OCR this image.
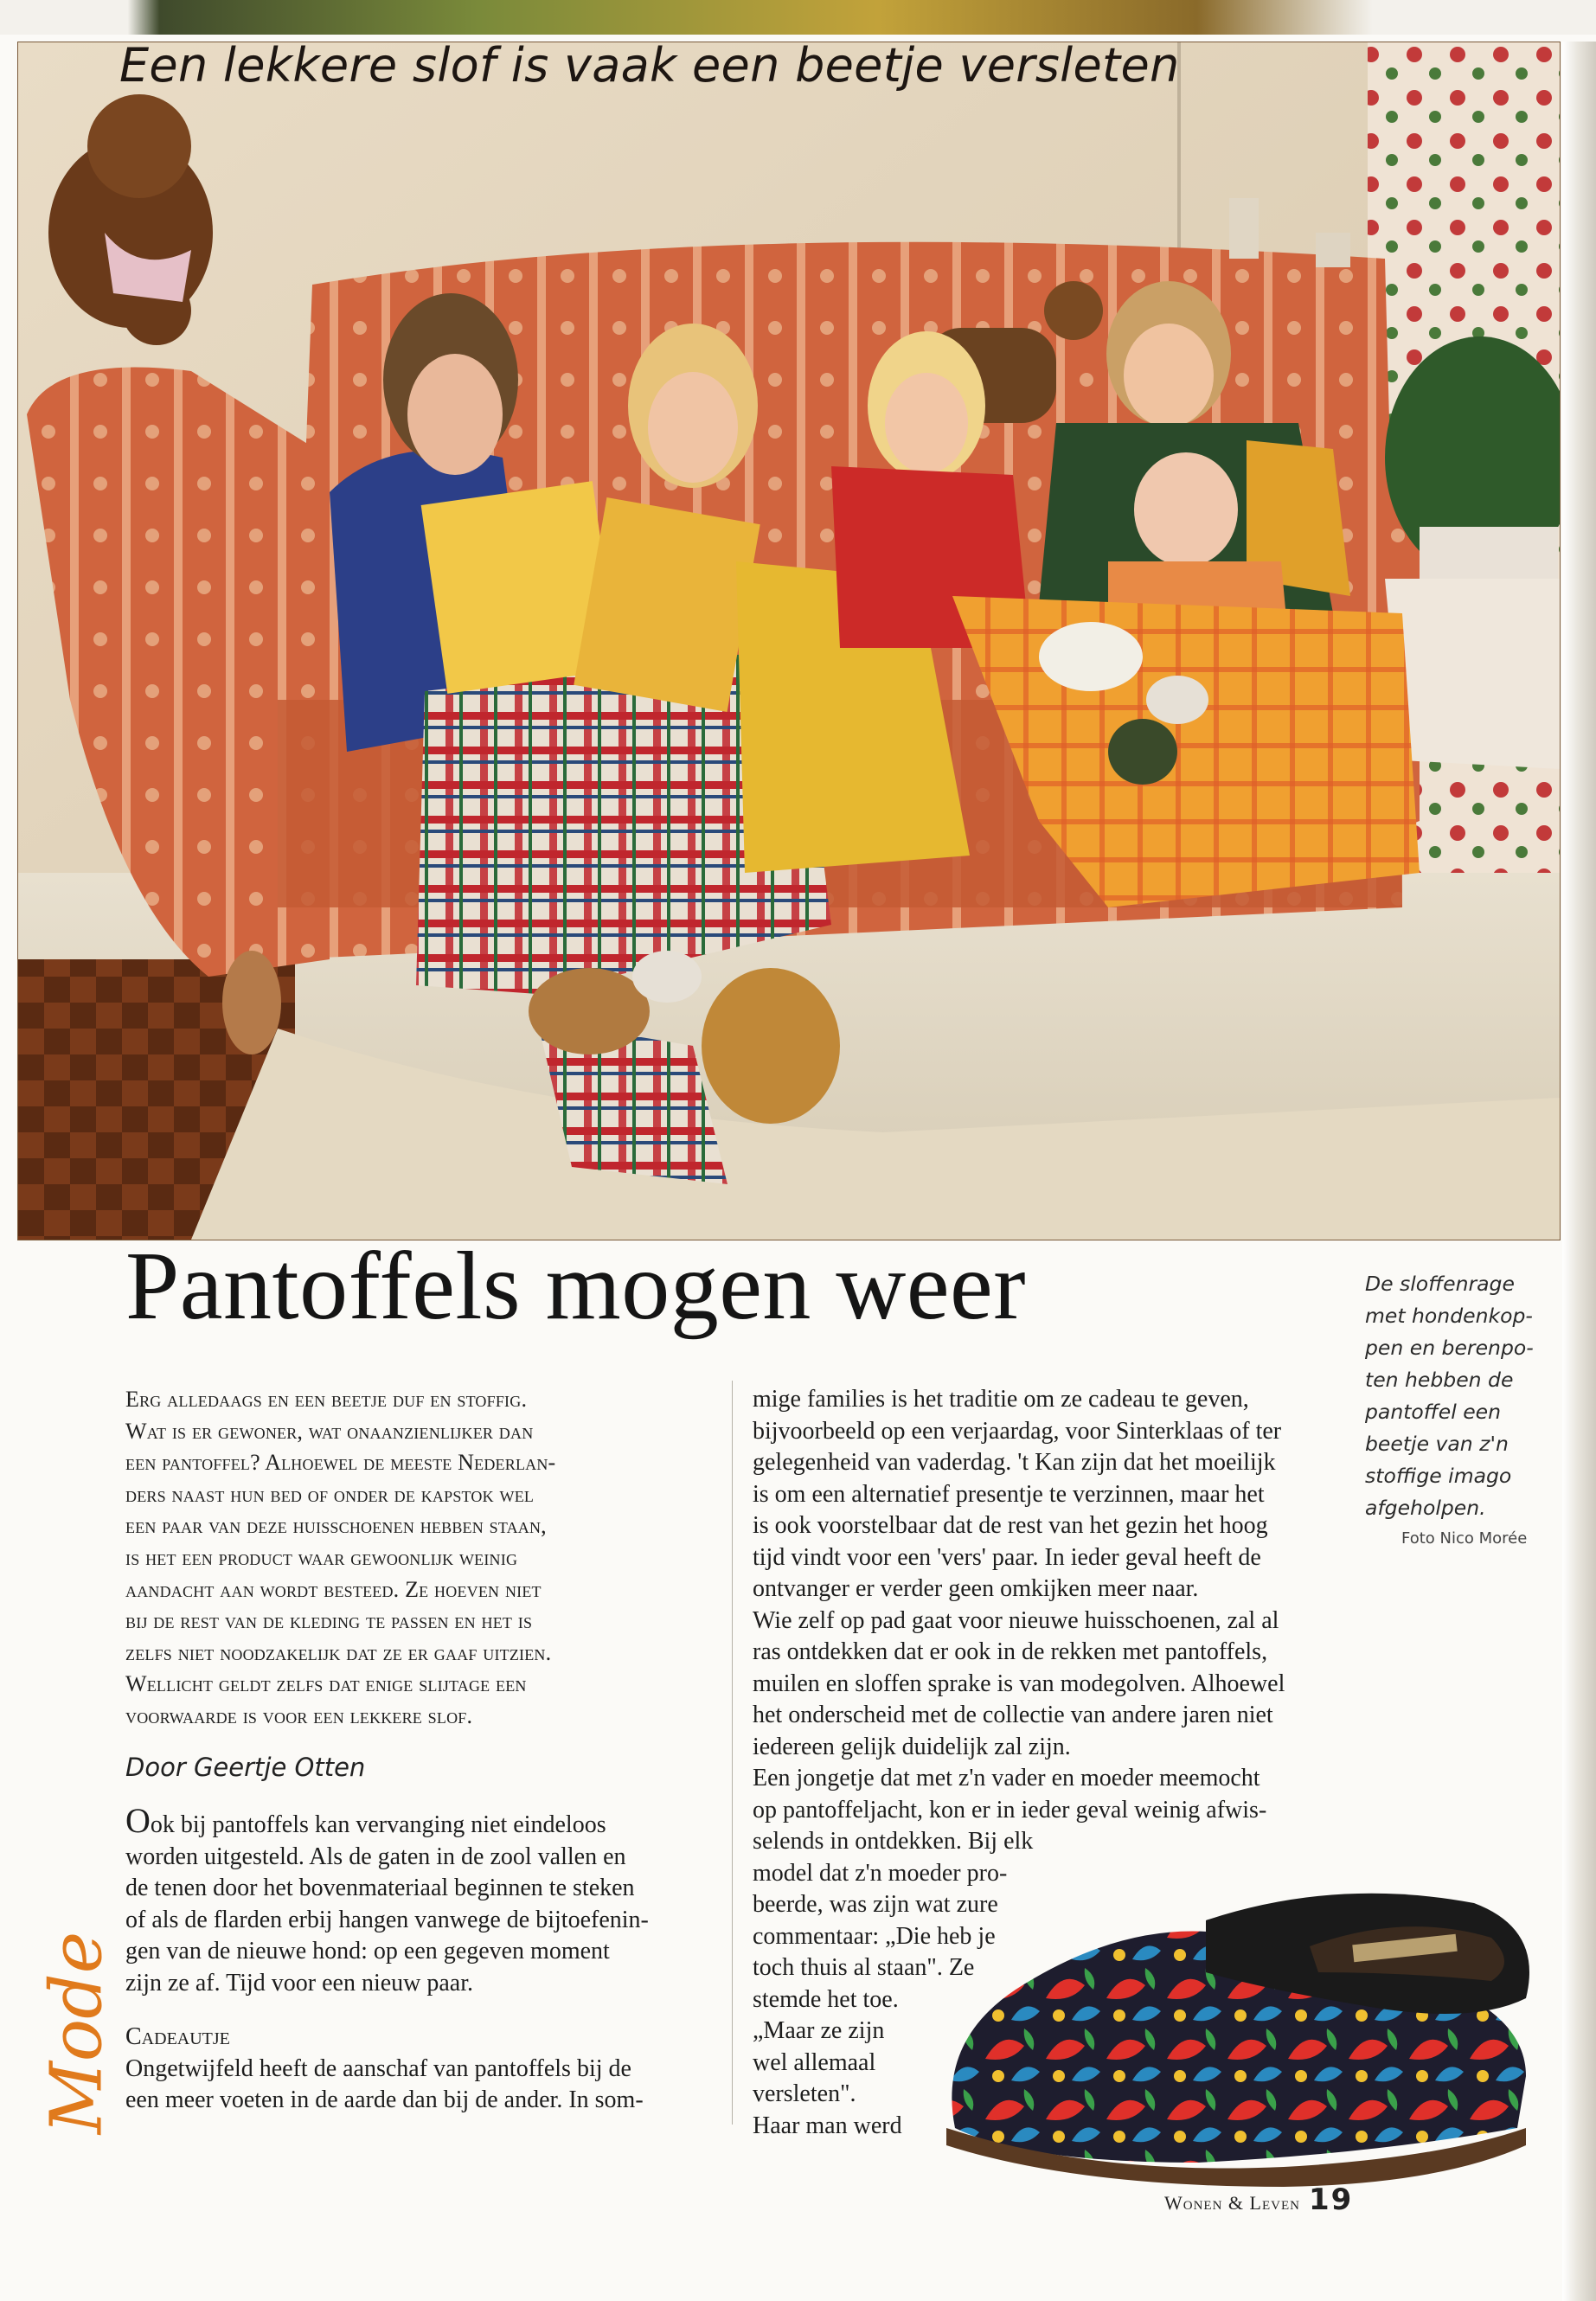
Een lekkere slof is vaak een beetje versleten
Pantoffels mogen weer	De sloffenrage

met hondenkop-

pen en berenpo-

ten hebben de

pantoffel een

beetje van z'n

stoffige imago

afgeholpen.

Foto Nico Morée

Erg alledaags en een beetje duf en stoffig.

Wat is er gewoner, wat onaanzienlijker dan

een pantoffel? Alhoewel de meeste Nederlan-

ders naast hun bed of onder de kapstok wel

een paar van deze huisschoenen hebben staan,

is het een product waar gewoonlijk weinig

aandacht aan wordt besteed. Ze hoeven niet

bij de rest van de kleding te passen en het is

zelfs niet noodzakelijk dat ze er gaaf uitzien.

Wellicht geldt zelfs dat enige slijtage een

voorwaarde is voor een lekkere slof.

Door Geertje Otten

Ook bij pantoffels kan vervanging niet eindeloos

worden uitgesteld. Als de gaten in de zool vallen en

de tenen door het bovenmateriaal beginnen te steken

of als de flarden erbij hangen vanwege de bijtoefenin-

gen van de nieuwe hond: op een gegeven moment

zijn ze af. Tijd voor een nieuw paar.

Cadeautje

Ongetwijfeld heeft de aanschaf van pantoffels bij de

een meer voeten in de aarde dan bij de ander. In som-

mige families is het traditie om ze cadeau te geven,

bijvoorbeeld op een verjaardag, voor Sinterklaas of ter

gelegenheid van vaderdag. 't Kan zijn dat het moeilijk

is om een alternatief presentje te verzinnen, maar het

is ook voorstelbaar dat de rest van het gezin het hoog

tijd vindt voor een 'vers' paar. In ieder geval heeft de

ontvanger er verder geen omkijken meer naar.

Wie zelf op pad gaat voor nieuwe huisschoenen, zal al

ras ontdekken dat er ook in de rekken met pantoffels,

muilen en sloffen sprake is van modegolven. Alhoewel

het onderscheid met de collectie van andere jaren niet

iedereen gelijk duidelijk zal zijn.

Een jongetje dat met z'n vader en moeder meemocht

op pantoffeljacht, kon er in ieder geval weinig afwis-

selends in ontdekken. Bij elk

model dat z'n moeder pro-

beerde, was zijn wat zure

commentaar: „Die heb je

toch thuis al staan". Ze

stemde het toe.

„Maar ze zijn

wel allemaal

versleten".

Haar man werd

Mode
Wonen & Leven 19
